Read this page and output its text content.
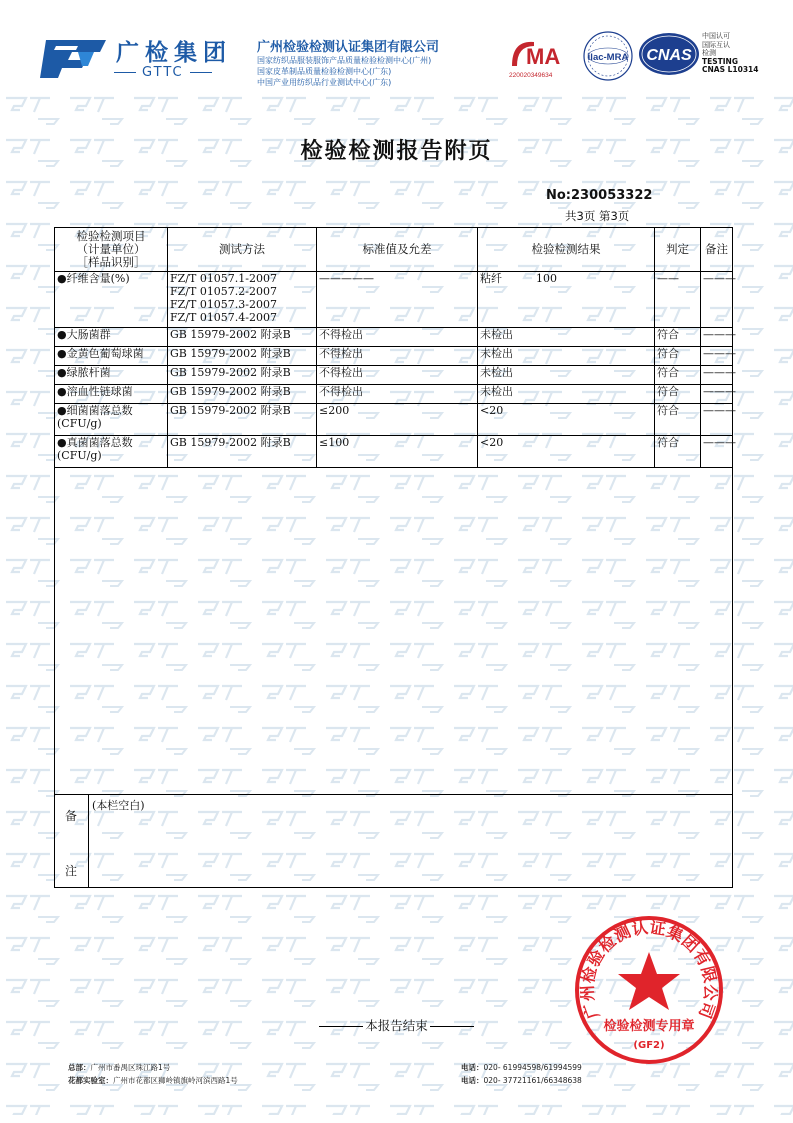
广检集团
GTTC
广州检验检测认证集团有限公司
国家纺织品服装服饰产品质量检验检测中心(广州)
国家皮革制品质量检验检测中心(广东)
中国产业用纺织品行业测试中心(广东)
MA
220020349634
ilac-MRA CNAS
中国认可
国际互认
检测
TESTING
CNAS L10314
检验检测报告附页
No:230053322
共3页 第3页
检验检测项目
（计量单位）
［样品识别］	测试方法	标准值及允差	检验检测结果	判定	备注

●纤维含量(%)	FZ/T 01057.1-2007
FZ/T 01057.2-2007
FZ/T 01057.3-2007
FZ/T 01057.4-2007	—————	粘纤 100	——	———

●大肠菌群	GB 15979-2002 附录B	不得检出	未检出	符合	———

●金黄色葡萄球菌	GB 15979-2002 附录B	不得检出	未检出	符合	———

●绿脓杆菌	GB 15979-2002 附录B	不得检出	未检出	符合	———

●溶血性链球菌	GB 15979-2002 附录B	不得检出	未检出	符合	———

●细菌菌落总数
(CFU/g)	GB 15979-2002 附录B	≤200	<20	符合	———

●真菌菌落总数
(CFU/g)	GB 15979-2002 附录B	≤100	<20	符合	———
备
注
(本栏空白)
本报告结束
广州检验检测认证集团有限公司
检验检测专用章
(GF2)
总部：广州市番禺区珠江路1号
花都实验室：广州市花都区狮岭镇旗岭河滨西路1号
电话：020- 61994598/61994599
电话：020- 37721161/66348638
